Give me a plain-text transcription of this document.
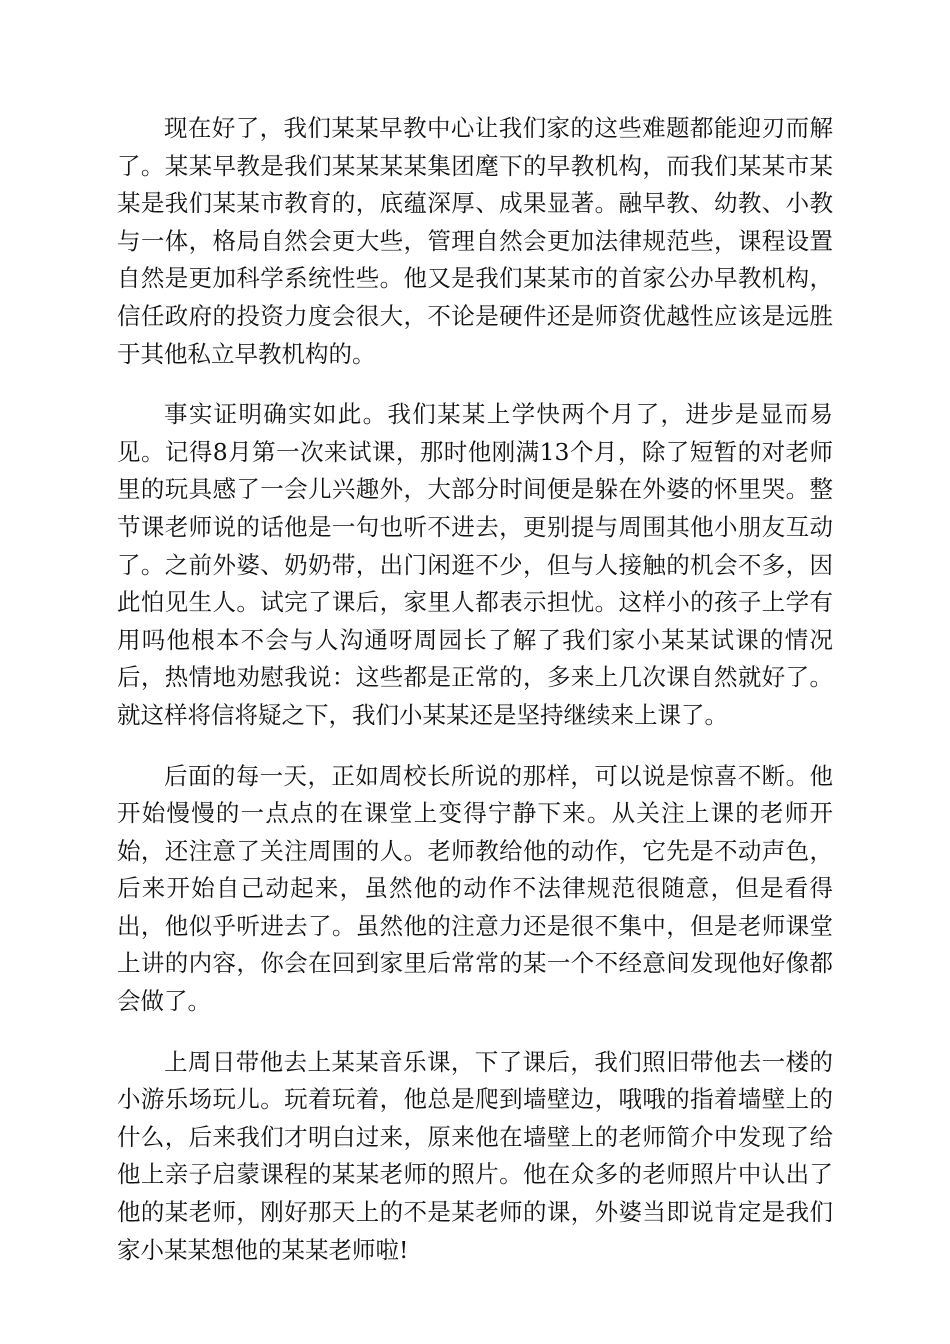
现在好了，我们某某早教中心让我们家的这些难题都能迎刃而解了。某某早教是我们某某某某集团麾下的早教机构，而我们某某市某某是我们某某市教育的，底蕴深厚、成果显著。融早教、幼教、小教与一体，格局自然会更大些，管理自然会更加法律规范些，课程设置自然是更加科学系统性些。他又是我们某某市的首家公办早教机构，信任政府的投资力度会很大，不论是硬件还是师资优越性应该是远胜于其他私立早教机构的。

事实证明确实如此。我们某某上学快两个月了，进步是显而易见。记得8月第一次来试课，那时他刚满13个月，除了短暂的对老师里的玩具感了一会儿兴趣外，大部分时间便是躲在外婆的怀里哭。整节课老师说的话他是一句也听不进去，更别提与周围其他小朋友互动了。之前外婆、奶奶带，出门闲逛不少，但与人接触的机会不多，因此怕见生人。试完了课后，家里人都表示担忧。这样小的孩子上学有用吗他根本不会与人沟通呀周园长了解了我们家小某某试课的情况后，热情地劝慰我说：这些都是正常的，多来上几次课自然就好了。就这样将信将疑之下，我们小某某还是坚持继续来上课了。

后面的每一天，正如周校长所说的那样，可以说是惊喜不断。他开始慢慢的一点点的在课堂上变得宁静下来。从关注上课的老师开始，还注意了关注周围的人。老师教给他的动作，它先是不动声色，后来开始自己动起来，虽然他的动作不法律规范很随意，但是看得出，他似乎听进去了。虽然他的注意力还是很不集中，但是老师课堂上讲的内容，你会在回到家里后常常的某一个不经意间发现他好像都会做了。

上周日带他去上某某音乐课，下了课后，我们照旧带他去一楼的小游乐场玩儿。玩着玩着，他总是爬到墙壁边，哦哦的指着墙壁上的什么，后来我们才明白过来，原来他在墙壁上的老师简介中发现了给他上亲子启蒙课程的某某老师的照片。他在众多的老师照片中认出了他的某老师，刚好那天上的不是某老师的课，外婆当即说肯定是我们家小某某想他的某某老师啦!
